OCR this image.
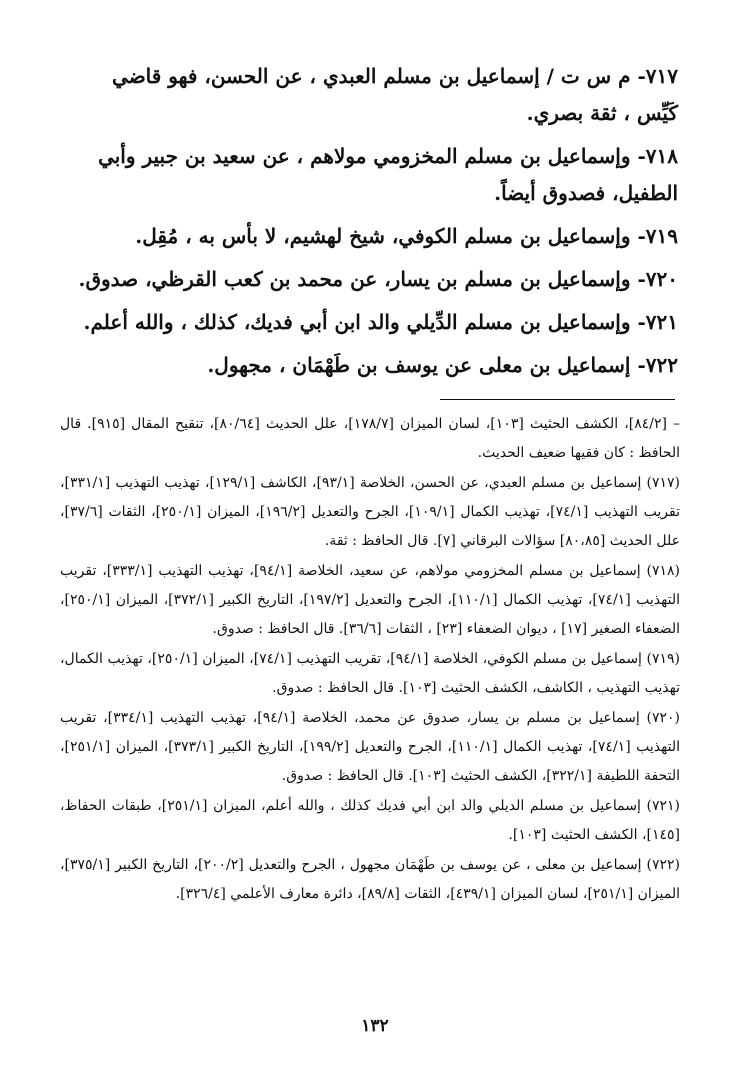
٧١٧- م س ت / إسماعيل بن مسلم العبدي ، عن الحسن، فهو قاضي كَيِّس ، ثقة بصري.

٧١٨- وإسماعيل بن مسلم المخزومي مولاهم ، عن سعيد بن جبير وأبي الطفيل، فصدوق أيضاً.

٧١٩- وإسماعيل بن مسلم الكوفي، شيخ لهشيم، لا بأس به ، مُقِل.

٧٢٠- وإسماعيل بن مسلم بن يسار، عن محمد بن كعب القرظي، صدوق.

٧٢١- وإسماعيل بن مسلم الدِّيلي والد ابن أبي فديك، كذلك ، والله أعلم.

٧٢٢- إسماعيل بن معلى عن يوسف بن طَهْمَان ، مجهول.

– [٨٤/٢]، الكشف الحثيث [١٠٣]، لسان الميزان [١٧٨/٧]، علل الحديث [٨٠/٦٤]، تنقيح المقال [٩١٥]. قال الحافظ : كان فقيها ضعيف الحديث.

(٧١٧) إسماعيل بن مسلم العبدي، عن الحسن، الخلاصة [٩٣/١]، الكاشف [١٢٩/١]، تهذيب التهذيب [٣٣١/١]، تقريب التهذيب [٧٤/١]، تهذيب الكمال [١٠٩/١]، الجرح والتعديل [١٩٦/٢]، الميزان [٢٥٠/١]، الثقات [٣٧/٦]، علل الحديث [٨٠،٨٥] سؤالات البرقاني [٧]. قال الحافظ : ثقة.

(٧١٨) إسماعيل بن مسلم المخزومي مولاهم، عن سعيد، الخلاصة [٩٤/١]، تهذيب التهذيب [٣٣٣/١]، تقريب التهذيب [٧٤/١]، تهذيب الكمال [١١٠/١]، الجرح والتعديل [١٩٧/٢]، التاريخ الكبير [٣٧٢/١]، الميزان [٢٥٠/١]، الضعفاء الصغير [١٧] ، ديوان الضعفاء [٢٣] ، الثقات [٣٦/٦]. قال الحافظ : صدوق.

(٧١٩) إسماعيل بن مسلم الكوفي، الخلاصة [٩٤/١]، تقريب التهذيب [٧٤/١]، الميزان [٢٥٠/١]، تهذيب الكمال، تهذيب التهذيب ، الكاشف، الكشف الحثيث [١٠٣]. قال الحافظ : صدوق.

(٧٢٠) إسماعيل بن مسلم بن يسار، صدوق عن محمد، الخلاصة [٩٤/١]، تهذيب التهذيب [٣٣٤/١]، تقريب التهذيب [٧٤/١]، تهذيب الكمال [١١٠/١]، الجرح والتعديل [١٩٩/٢]، التاريخ الكبير [٣٧٣/١]، الميزان [٢٥١/١]، التحفة اللطيفة [٣٢٢/١]، الكشف الحثيث [١٠٣]. قال الحافظ : صدوق.

(٧٢١) إسماعيل بن مسلم الديلي والد ابن أبي فديك كذلك ، والله أعلم، الميزان [٢٥١/١]، طبقات الحفاظ، [١٤٥]، الكشف الحثيث [١٠٣].

(٧٢٢) إسماعيل بن معلى ، عن يوسف بن طَهْمَان مجهول ، الجرح والتعديل [٢٠٠/٢]، التاريخ الكبير [٣٧٥/١]، الميزان [٢٥١/١]، لسان الميزان [٤٣٩/١]، الثقات [٨٩/٨]، دائرة معارف الأعلمي [٣٢٦/٤].

١٣٢
